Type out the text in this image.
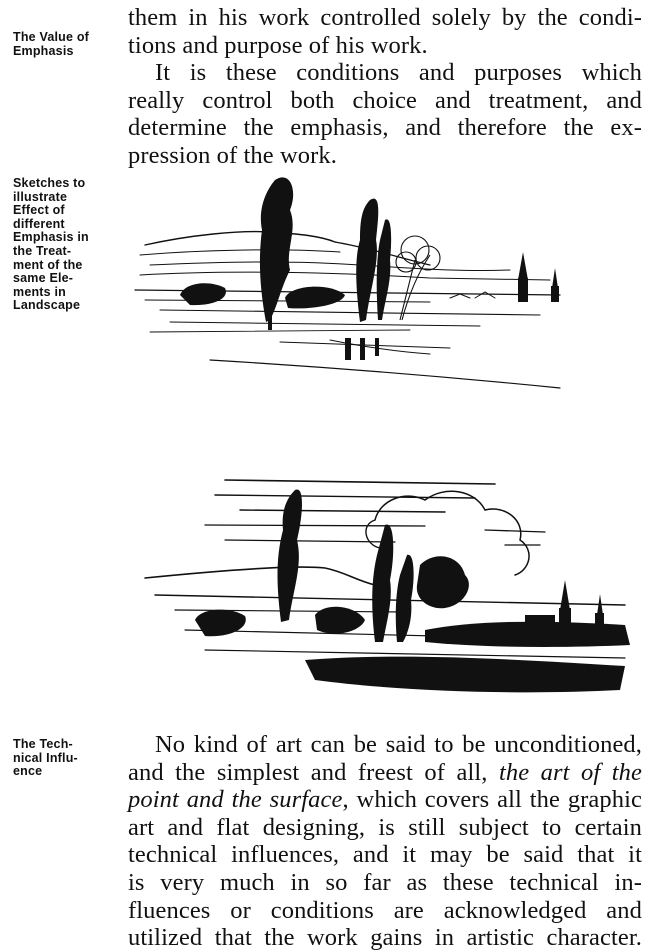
The Value of
Emphasis
them in his work controlled solely by the condi-
tions and purpose of his work.
It is these conditions and purposes which
really control both choice and treatment, and
determine the emphasis, and therefore the ex-
pression of the work.
Sketches to
illustrate
Effect of
different
Emphasis in
the Treat-
ment of the
same Ele-
ments in
Landscape
The Tech-
nical Influ-
ence
No kind of art can be said to be unconditioned,
and the simplest and freest of all, the art of the
point and the surface, which covers all the graphic
art and flat designing, is still subject to certain
technical influences, and it may be said that it
is very much in so far as these technical in-
fluences or conditions are acknowledged and
utilized that the work gains in artistic character.
